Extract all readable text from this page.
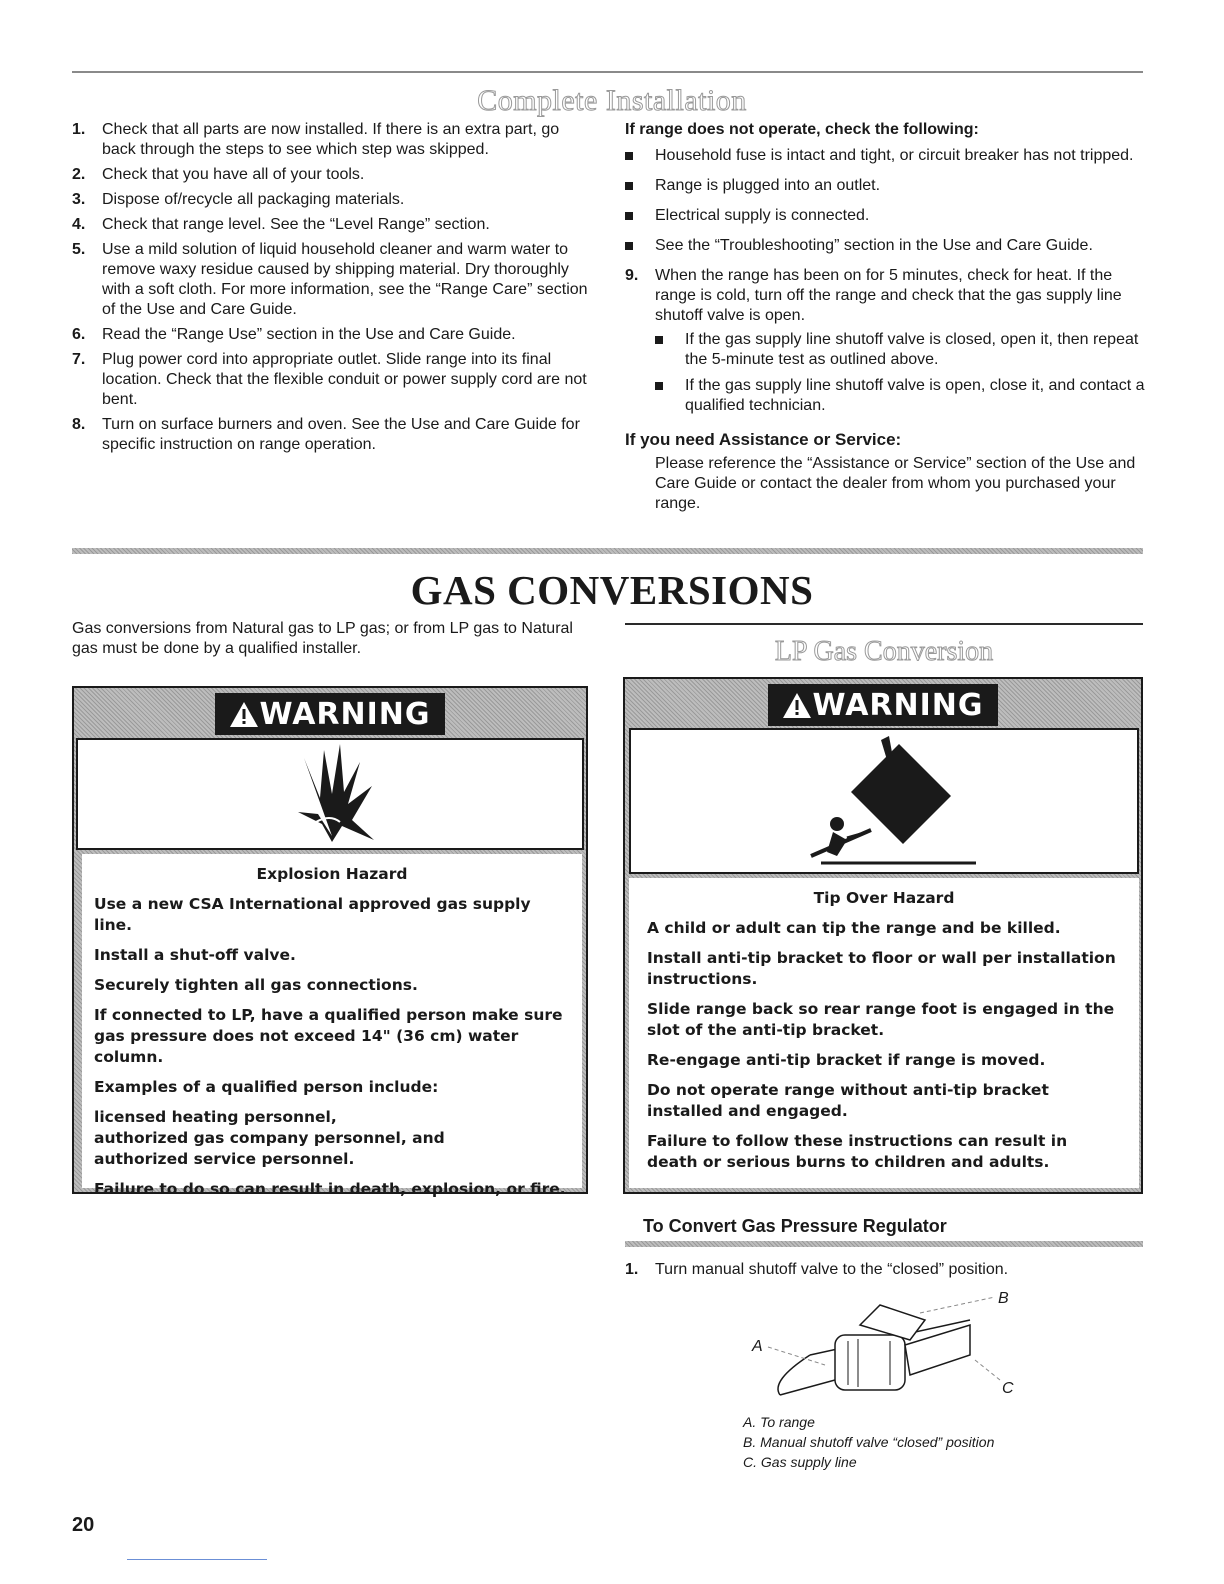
Complete Installation
1. Check that all parts are now installed. If there is an extra part, go back through the steps to see which step was skipped.
2. Check that you have all of your tools.
3. Dispose of/recycle all packaging materials.
4. Check that range level. See the “Level Range” section.
5. Use a mild solution of liquid household cleaner and warm water to remove waxy residue caused by shipping material. Dry thoroughly with a soft cloth. For more information, see the “Range Care” section of the Use and Care Guide.
6. Read the “Range Use” section in the Use and Care Guide.
7. Plug power cord into appropriate outlet. Slide range into its final location. Check that the flexible conduit or power supply cord are not bent.
8. Turn on surface burners and oven. See the Use and Care Guide for specific instruction on range operation.
If range does not operate, check the following:
Household fuse is intact and tight, or circuit breaker has not tripped.
Range is plugged into an outlet.
Electrical supply is connected.
See the “Troubleshooting” section in the Use and Care Guide.
9. When the range has been on for 5 minutes, check for heat. If the range is cold, turn off the range and check that the gas supply line shutoff valve is open.
If the gas supply line shutoff valve is closed, open it, then repeat the 5-minute test as outlined above.
If the gas supply line shutoff valve is open, close it, and contact a qualified technician.
If you need Assistance or Service:
Please reference the “Assistance or Service” section of the Use and Care Guide or contact the dealer from whom you purchased your range.
GAS CONVERSIONS
Gas conversions from Natural gas to LP gas; or from LP gas to Natural gas must be done by a qualified installer.	LP Gas Conversion
WARNING

Explosion Hazard

Use a new CSA International approved gas supply line.

Install a shut-off valve.

Securely tighten all gas connections.

If connected to LP, have a qualified person make sure gas pressure does not exceed 14" (36 cm) water column.

Examples of a qualified person include:

licensed heating personnel,
authorized gas company personnel, and
authorized service personnel.

Failure to do so can result in death, explosion, or fire.

WARNING

Tip Over Hazard

A child or adult can tip the range and be killed.

Install anti-tip bracket to floor or wall per installation instructions.

Slide range back so rear range foot is engaged in the slot of the anti-tip bracket.

Re-engage anti-tip bracket if range is moved.

Do not operate range without anti-tip bracket installed and engaged.

Failure to follow these instructions can result in death or serious burns to children and adults.

To Convert Gas Pressure Regulator
1. Turn manual shutoff valve to the “closed” position.
A
B
C
A. To range
B. Manual shutoff valve “closed” position
C. Gas supply line
20
